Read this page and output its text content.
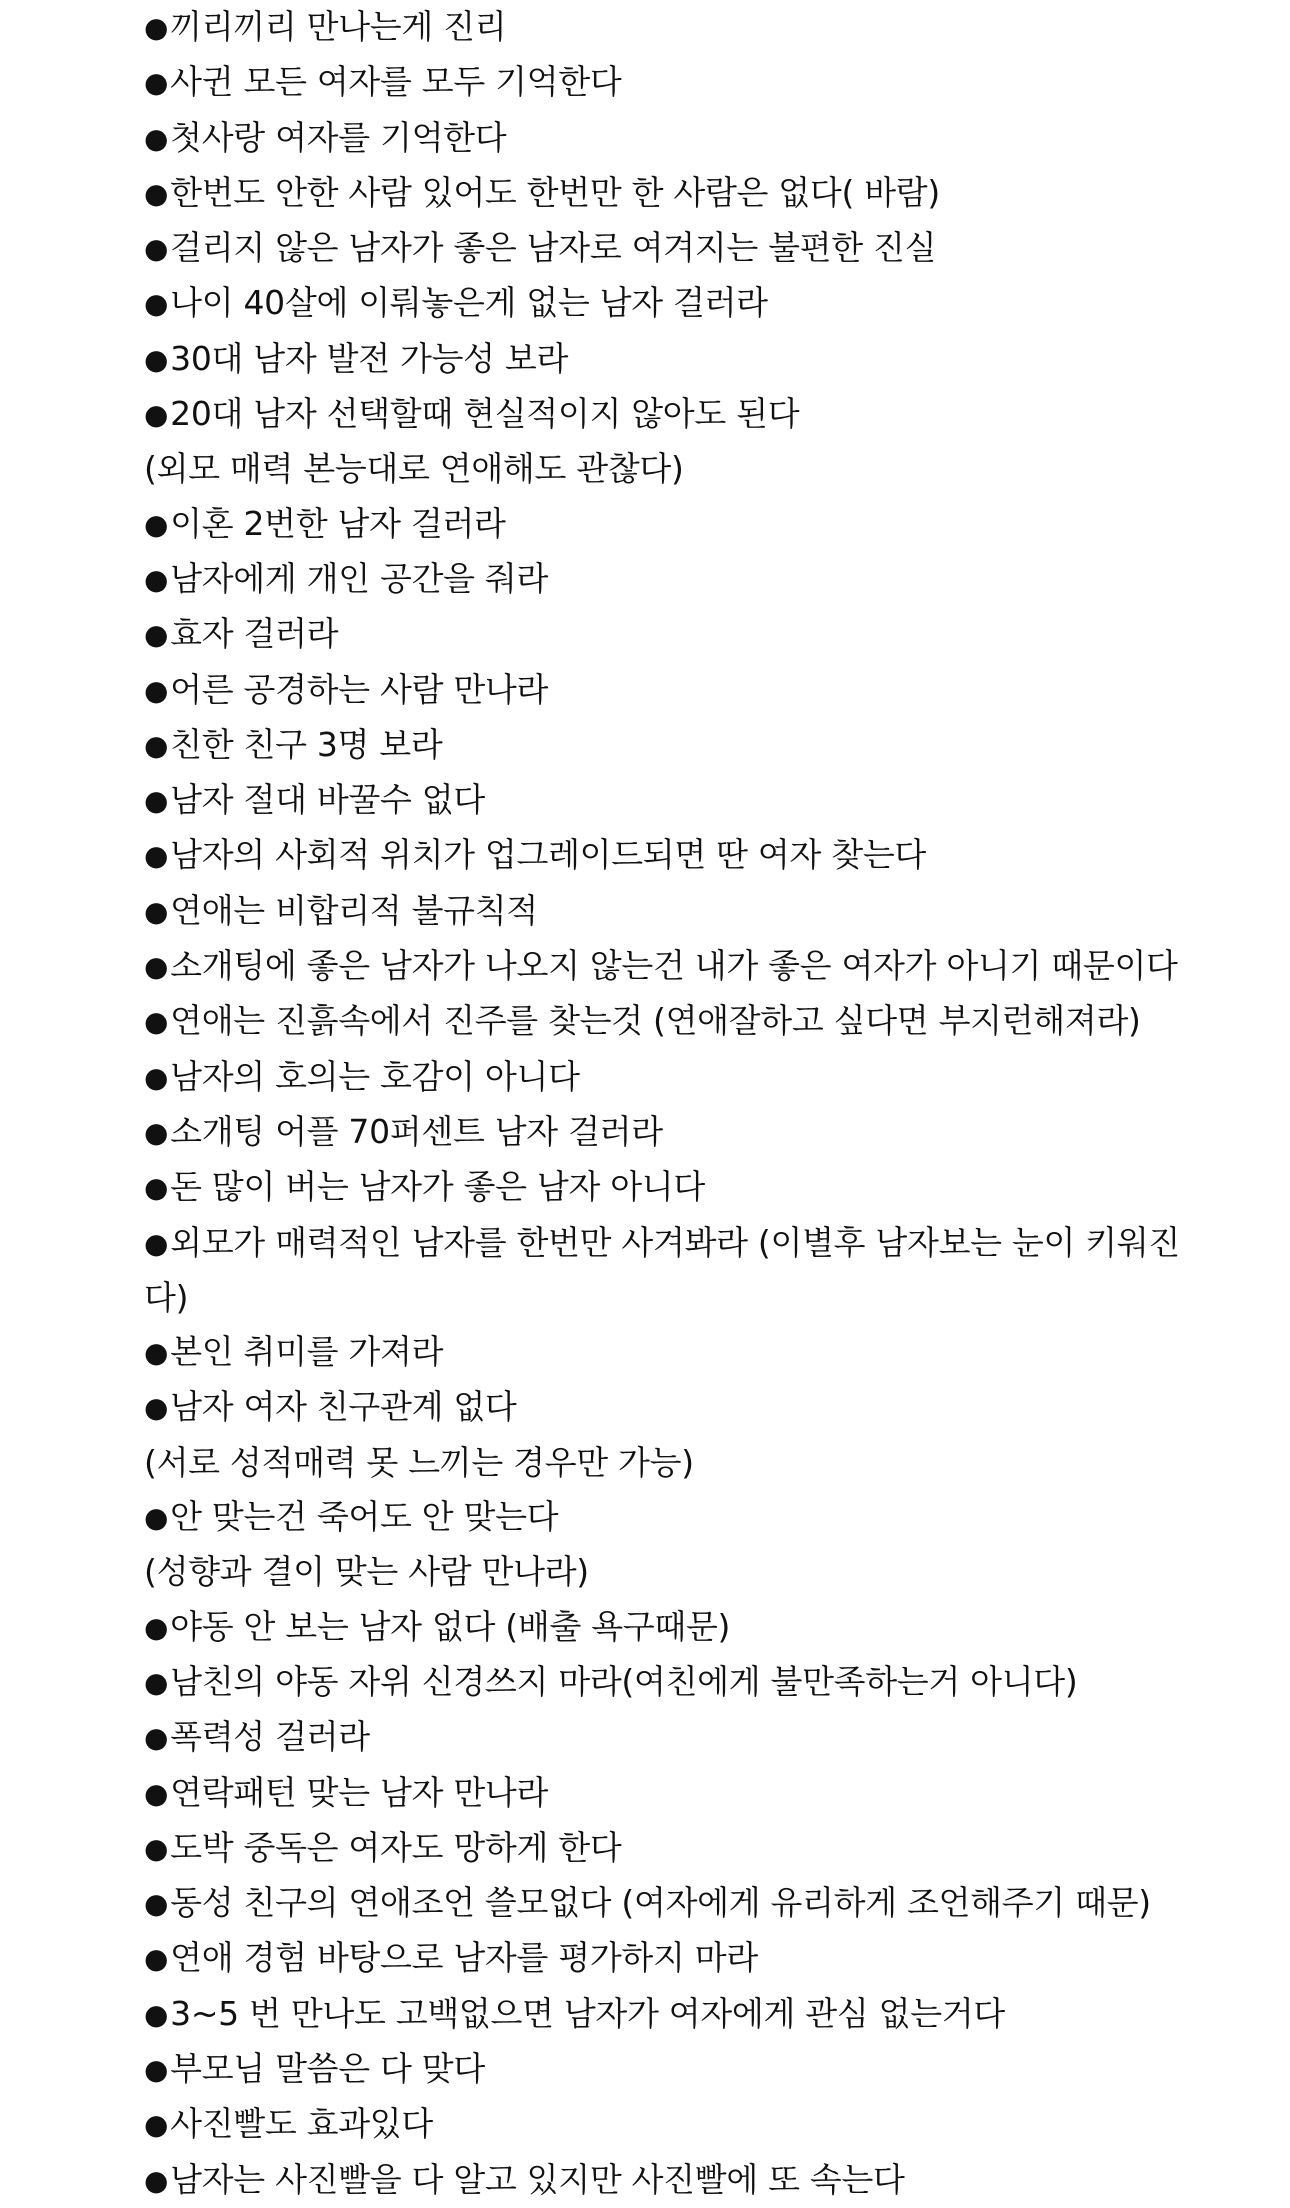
●끼리끼리 만나는게 진리
●사귄 모든 여자를 모두 기억한다
●첫사랑 여자를 기억한다
●한번도 안한 사람 있어도 한번만 한 사람은 없다( 바람)
●걸리지 않은 남자가 좋은 남자로 여겨지는 불편한 진실
●나이 40살에 이뤄놓은게 없는 남자 걸러라
●30대 남자 발전 가능성 보라
●20대 남자 선택할때 현실적이지 않아도 된다
(외모 매력 본능대로 연애해도 관찮다)
●이혼 2번한 남자 걸러라
●남자에게 개인 공간을 줘라
●효자 걸러라
●어른 공경하는 사람 만나라
●친한 친구 3명 보라
●남자 절대 바꿀수 없다
●남자의 사회적 위치가 업그레이드되면 딴 여자 찾는다
●연애는 비합리적 불규칙적
●소개팅에 좋은 남자가 나오지 않는건 내가 좋은 여자가 아니기 때문이다
●연애는 진흙속에서 진주를 찾는것 (연애잘하고 싶다면 부지런해져라)
●남자의 호의는 호감이 아니다
●소개팅 어플 70퍼센트 남자 걸러라
●돈 많이 버는 남자가 좋은 남자 아니다
●외모가 매력적인 남자를 한번만 사겨봐라 (이별후 남자보는 눈이 키워진
다)
●본인 취미를 가져라
●남자 여자 친구관계 없다
(서로 성적매력 못 느끼는 경우만 가능)
●안 맞는건 죽어도 안 맞는다
(성향과 결이 맞는 사람 만나라)
●야동 안 보는 남자 없다 (배출 욕구때문)
●남친의 야동 자위 신경쓰지 마라(여친에게 불만족하는거 아니다)
●폭력성 걸러라
●연락패턴 맞는 남자 만나라
●도박 중독은 여자도 망하게 한다
●동성 친구의 연애조언 쓸모없다 (여자에게 유리하게 조언해주기 때문)
●연애 경험 바탕으로 남자를 평가하지 마라
●3~5 번 만나도 고백없으면 남자가 여자에게 관심 없는거다
●부모님 말씀은 다 맞다
●사진빨도 효과있다
●남자는 사진빨을 다 알고 있지만 사진빨에 또 속는다
